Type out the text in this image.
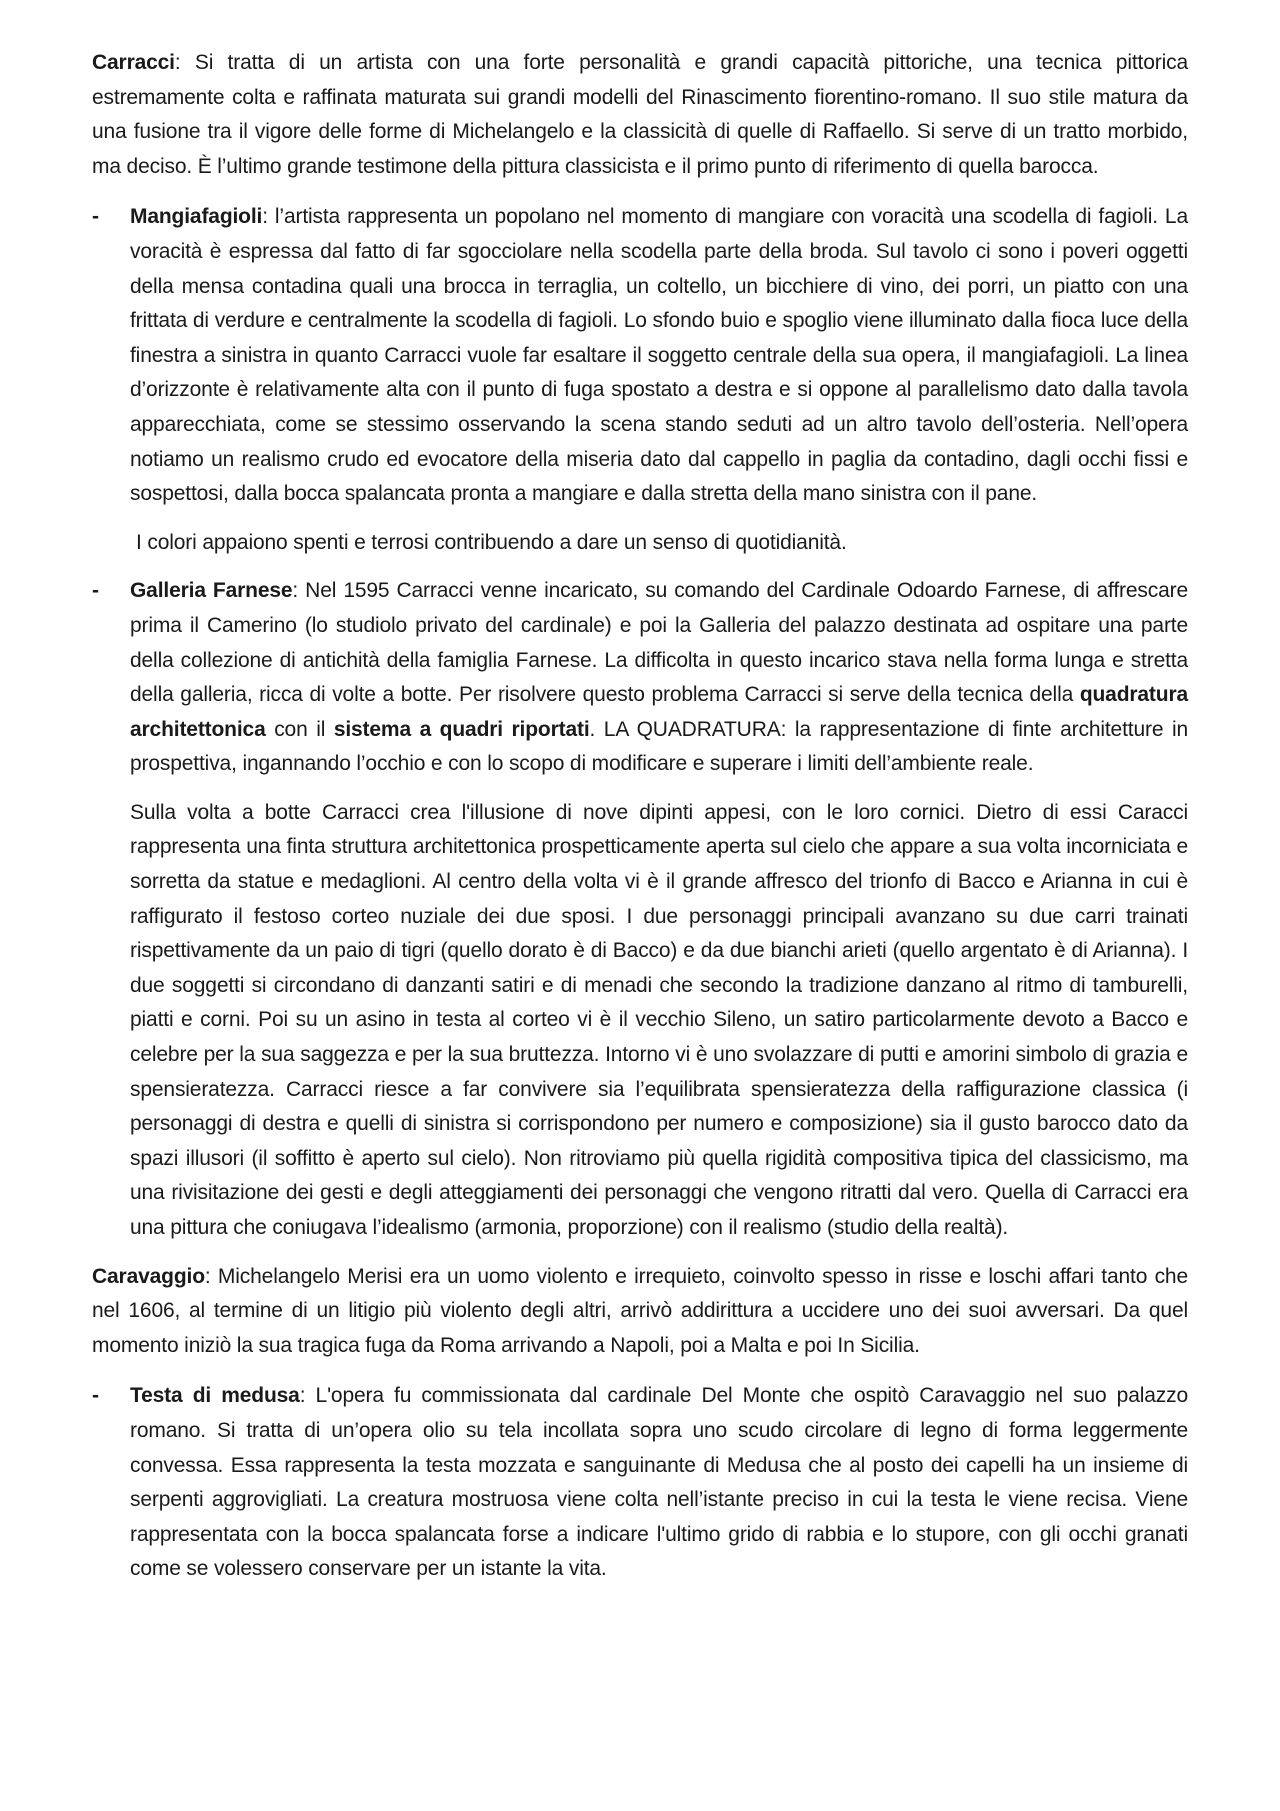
Carracci: Si tratta di un artista con una forte personalità e grandi capacità pittoriche, una tecnica pittorica estremamente colta e raffinata maturata sui grandi modelli del Rinascimento fiorentino-romano. Il suo stile matura da una fusione tra il vigore delle forme di Michelangelo e la classicità di quelle di Raffaello. Si serve di un tratto morbido, ma deciso. È l’ultimo grande testimone della pittura classicista e il primo punto di riferimento di quella barocca.

- Mangiafagioli: l’artista rappresenta un popolano nel momento di mangiare con voracità una scodella di fagioli. La voracità è espressa dal fatto di far sgocciolare nella scodella parte della broda. Sul tavolo ci sono i poveri oggetti della mensa contadina quali una brocca in terraglia, un coltello, un bicchiere di vino, dei porri, un piatto con una frittata di verdure e centralmente la scodella di fagioli. Lo sfondo buio e spoglio viene illuminato dalla fioca luce della finestra a sinistra in quanto Carracci vuole far esaltare il soggetto centrale della sua opera, il mangiafagioli. La linea d’orizzonte è relativamente alta con il punto di fuga spostato a destra e si oppone al parallelismo dato dalla tavola apparecchiata, come se stessimo osservando la scena stando seduti ad un altro tavolo dell’osteria. Nell’opera notiamo un realismo crudo ed evocatore della miseria dato dal cappello in paglia da contadino, dagli occhi fissi e sospettosi, dalla bocca spalancata pronta a mangiare e dalla stretta della mano sinistra con il pane.

I colori appaiono spenti e terrosi contribuendo a dare un senso di quotidianità.

- Galleria Farnese: Nel 1595 Carracci venne incaricato, su comando del Cardinale Odoardo Farnese, di affrescare prima il Camerino (lo studiolo privato del cardinale) e poi la Galleria del palazzo destinata ad ospitare una parte della collezione di antichità della famiglia Farnese. La difficolta in questo incarico stava nella forma lunga e stretta della galleria, ricca di volte a botte. Per risolvere questo problema Carracci si serve della tecnica della quadratura architettonica con il sistema a quadri riportati. LA QUADRATURA: la rappresentazione di finte architetture in prospettiva, ingannando l’occhio e con lo scopo di modificare e superare i limiti dell’ambiente reale.

Sulla volta a botte Carracci crea l'illusione di nove dipinti appesi, con le loro cornici. Dietro di essi Caracci rappresenta una finta struttura architettonica prospetticamente aperta sul cielo che appare a sua volta incorniciata e sorretta da statue e medaglioni. Al centro della volta vi è il grande affresco del trionfo di Bacco e Arianna in cui è raffigurato il festoso corteo nuziale dei due sposi. I due personaggi principali avanzano su due carri trainati rispettivamente da un paio di tigri (quello dorato è di Bacco) e da due bianchi arieti (quello argentato è di Arianna). I due soggetti si circondano di danzanti satiri e di menadi che secondo la tradizione danzano al ritmo di tamburelli, piatti e corni. Poi su un asino in testa al corteo vi è il vecchio Sileno, un satiro particolarmente devoto a Bacco e celebre per la sua saggezza e per la sua bruttezza. Intorno vi è uno svolazzare di putti e amorini simbolo di grazia e spensieratezza. Carracci riesce a far convivere sia l’equilibrata spensieratezza della raffigurazione classica (i personaggi di destra e quelli di sinistra si corrispondono per numero e composizione) sia il gusto barocco dato da spazi illusori (il soffitto è aperto sul cielo). Non ritroviamo più quella rigidità compositiva tipica del classicismo, ma una rivisitazione dei gesti e degli atteggiamenti dei personaggi che vengono ritratti dal vero. Quella di Carracci era una pittura che coniugava l’idealismo (armonia, proporzione) con il realismo (studio della realtà).

Caravaggio: Michelangelo Merisi era un uomo violento e irrequieto, coinvolto spesso in risse e loschi affari tanto che nel 1606, al termine di un litigio più violento degli altri, arrivò addirittura a uccidere uno dei suoi avversari. Da quel momento iniziò la sua tragica fuga da Roma arrivando a Napoli, poi a Malta e poi In Sicilia.

- Testa di medusa: L'opera fu commissionata dal cardinale Del Monte che ospitò Caravaggio nel suo palazzo romano. Si tratta di un’opera olio su tela incollata sopra uno scudo circolare di legno di forma leggermente convessa. Essa rappresenta la testa mozzata e sanguinante di Medusa che al posto dei capelli ha un insieme di serpenti aggrovigliati. La creatura mostruosa viene colta nell’istante preciso in cui la testa le viene recisa. Viene rappresentata con la bocca spalancata forse a indicare l'ultimo grido di rabbia e lo stupore, con gli occhi granati come se volessero conservare per un istante la vita.
